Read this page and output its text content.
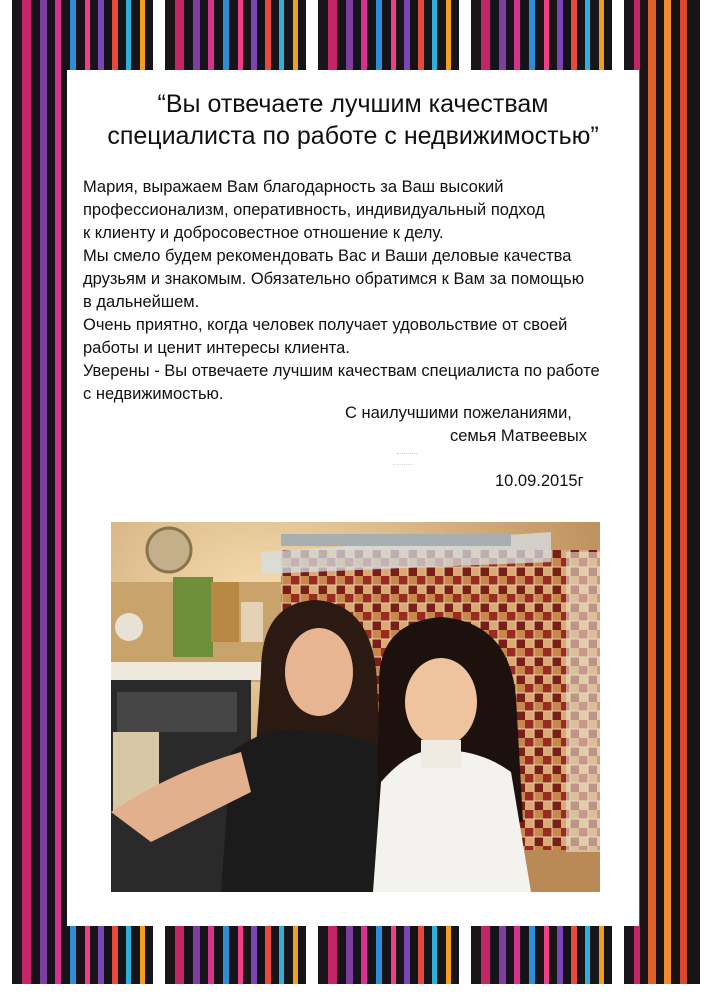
“Вы отвечаете лучшим качествам
специалиста по работе с недвижимостью”

Мария, выражаем Вам благодарность за Ваш высокий

профессионализм, оперативность, индивидуальный подход

к клиенту и добросовестное отношение к делу.

Мы смело будем рекомендовать Вас и Ваши деловые качества

друзьям и знакомым. Обязательно обратимся к Вам за помощью

в дальнейшем.

Очень приятно, когда человек получает удовольствие от своей

работы и ценит интересы клиента.

Уверены - Вы отвечаете лучшим качествам специалиста по работе

с недвижимостью.

С наилучшими пожеланиями,
семья Матвеевых
10.09.2015г
